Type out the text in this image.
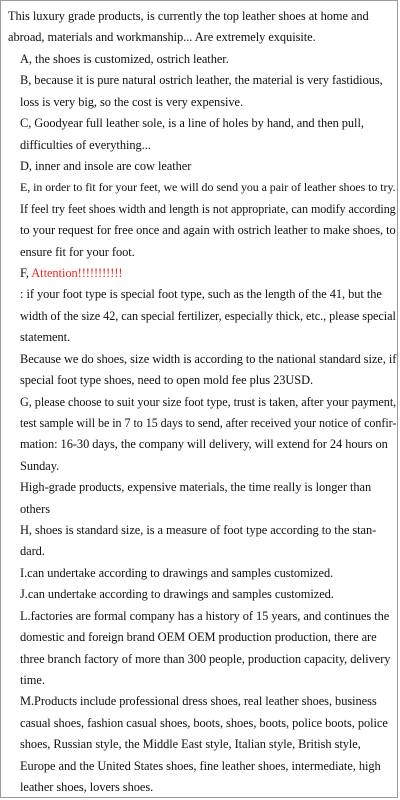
This luxury grade products, is currently the top leather shoes at home and
abroad, materials and workmanship... Are extremely exquisite.
A, the shoes is customized, ostrich leather.
B, because it is pure natural ostrich leather, the material is very fastidious,
loss is very big, so the cost is very expensive.
C, Goodyear full leather sole, is a line of holes by hand, and then pull,
difficulties of everything...
D, inner and insole are cow leather
E, in order to fit for your feet, we will do send you a pair of leather shoes to try.
If feel try feet shoes width and length is not appropriate, can modify according
to your request for free once and again with ostrich leather to make shoes, to
ensure fit for your foot.
F, Attention!!!!!!!!!!!
: if your foot type is special foot type, such as the length of the 41, but the
width of the size 42, can special fertilizer, especially thick, etc., please special
statement.
Because we do shoes, size width is according to the national standard size, if
special foot type shoes, need to open mold fee plus 23USD.
G, please choose to suit your size foot type, trust is taken, after your payment,
test sample will be in 7 to 15 days to send, after received your notice of confir-
mation: 16-30 days, the company will delivery, will extend for 24 hours on
Sunday.
High-grade products, expensive materials, the time really is longer than
others
H, shoes is standard size, is a measure of foot type according to the stan-
dard.
I.can undertake according to drawings and samples customized.
J.can undertake according to drawings and samples customized.
L.factories are formal company has a history of 15 years, and continues the
domestic and foreign brand OEM OEM production production, there are
three branch factory of more than 300 people, production capacity, delivery
time.
M.Products include professional dress shoes, real leather shoes, business
casual shoes, fashion casual shoes, boots, shoes, boots, police boots, police
shoes, Russian style, the Middle East style, Italian style, British style,
Europe and the United States shoes, fine leather shoes, intermediate, high
leather shoes, lovers shoes.
